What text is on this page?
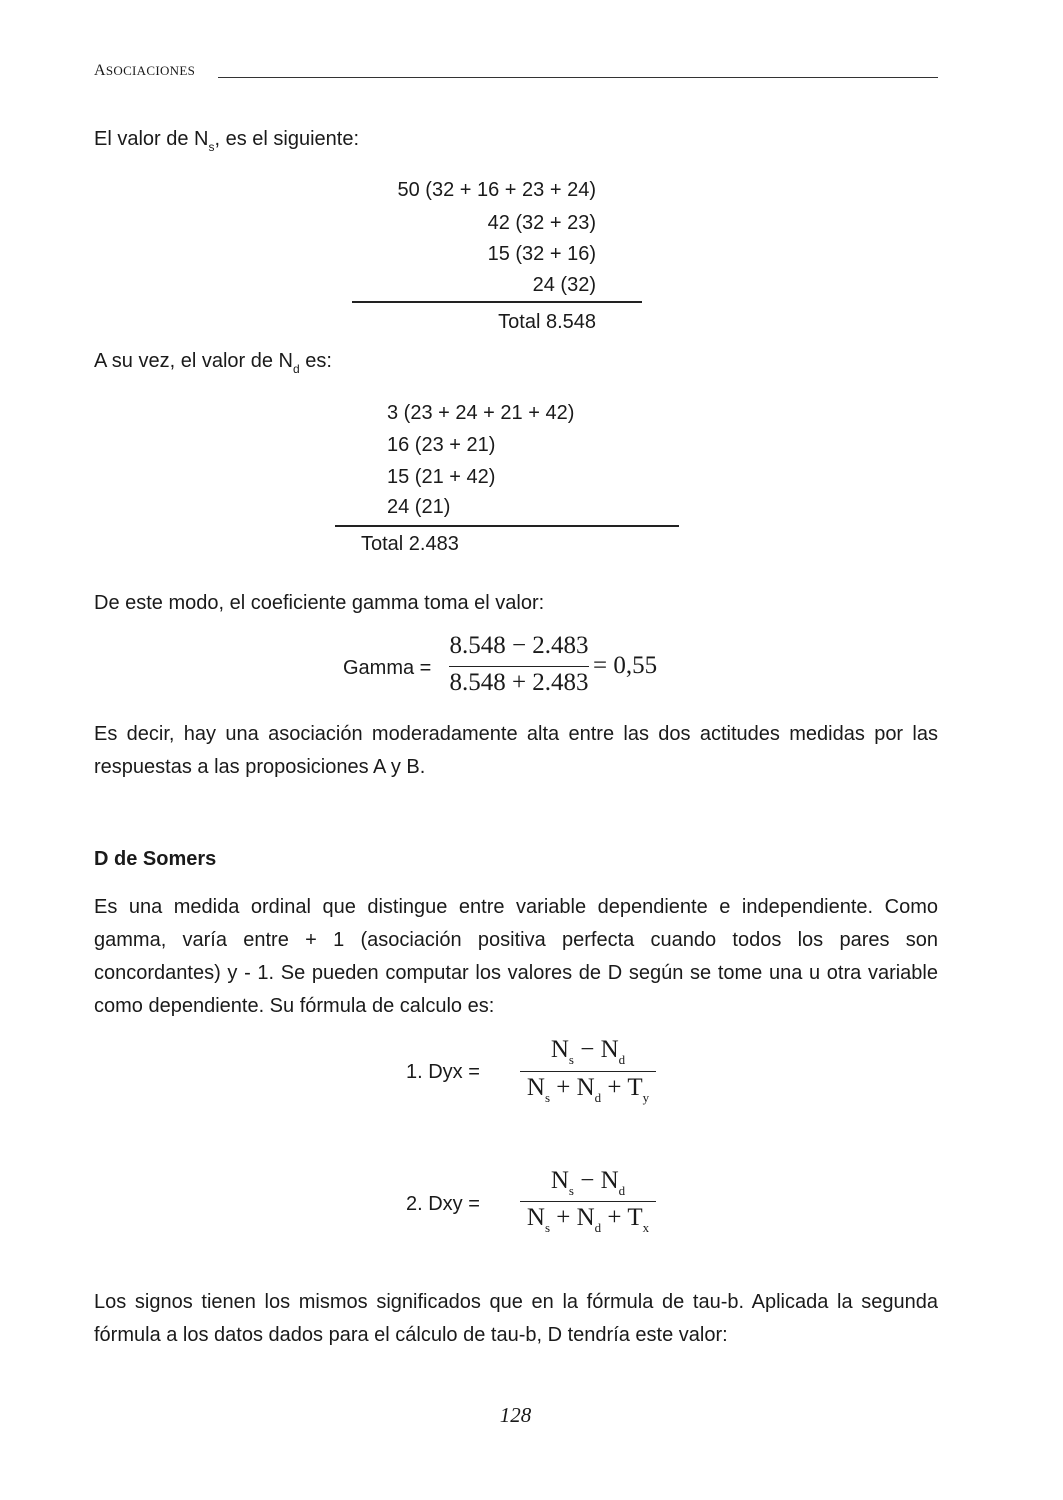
ASOCIACIONES
El valor de $N_s$, es el siguiente:
50 (32 + 16 + 23 + 24)
42 (32 + 23)
15 (32 + 16)
24 (32)
Total 8.548
A su vez, el valor de $N_d$ es:
3 (23 + 24 + 21 + 42)
16 (23 + 21)
15 (21 + 42)
24 (21)
Total 2.483
De este modo, el coeficiente gamma toma el valor:
Gamma =
8.548 − 2.483
8.548 + 2.483
= 0,55
Es decir, hay una asociación moderadamente alta entre las dos actitudes medidas por las respuestas a las proposiciones A y B.
D de Somers
Es una medida ordinal que distingue entre variable dependiente e independiente. Como gamma, varía entre + 1 (asociación positiva perfecta cuando todos los pares son concordantes) y - 1. Se pueden computar los valores de D según se tome una u otra variable como dependiente. Su fórmula de calculo es:
1. Dyx =
$N_s - N_d$
$N_s + N_d + T_y$
2. Dxy =
$N_s - N_d$
$N_s + N_d + T_x$
Los signos tienen los mismos significados que en la fórmula de tau-b. Aplicada la segunda fórmula a los datos dados para el cálculo de tau-b, D tendría este valor:
128
